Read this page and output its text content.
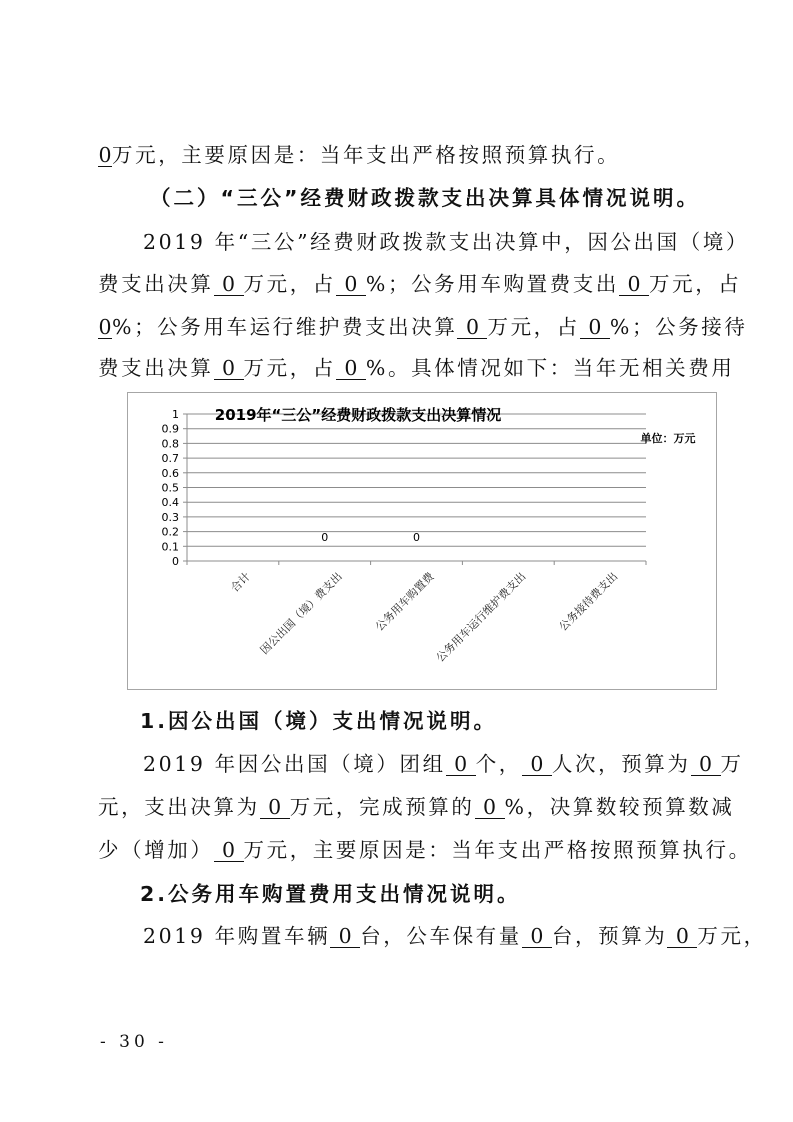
0万元，主要原因是：当年支出严格按照预算执行。
（二）“三公”经费财政拨款支出决算具体情况说明。
2019 年“三公”经费财政拨款支出决算中，因公出国（境）
费支出决算 0 万元，占 0 %；公务用车购置费支出 0 万元，占
0%；公务用车运行维护费支出决算 0 万元，占 0 %；公务接待
费支出决算 0 万元，占 0 %。具体情况如下：当年无相关费用
0
0.1
0.2
0.3
0.4
0.5
0.6
0.7
0.8
0.9
1
合计 因公出国（境）费支出	公务用车购置费
公务用车运行维护费支出	公务接待费支出
0	0
2019年“三公”经费财政拨款支出决算情况
单位：万元
1.因公出国（境）支出情况说明。
2019 年因公出国（境）团组 0 个， 0 人次，预算为 0 万
元，支出决算为 0 万元，完成预算的 0 %，决算数较预算数减
少（增加） 0 万元，主要原因是：当年支出严格按照预算执行。
2.公务用车购置费用支出情况说明。
2019 年购置车辆 0 台，公车保有量 0 台，预算为 0 万元，
- 30 -
